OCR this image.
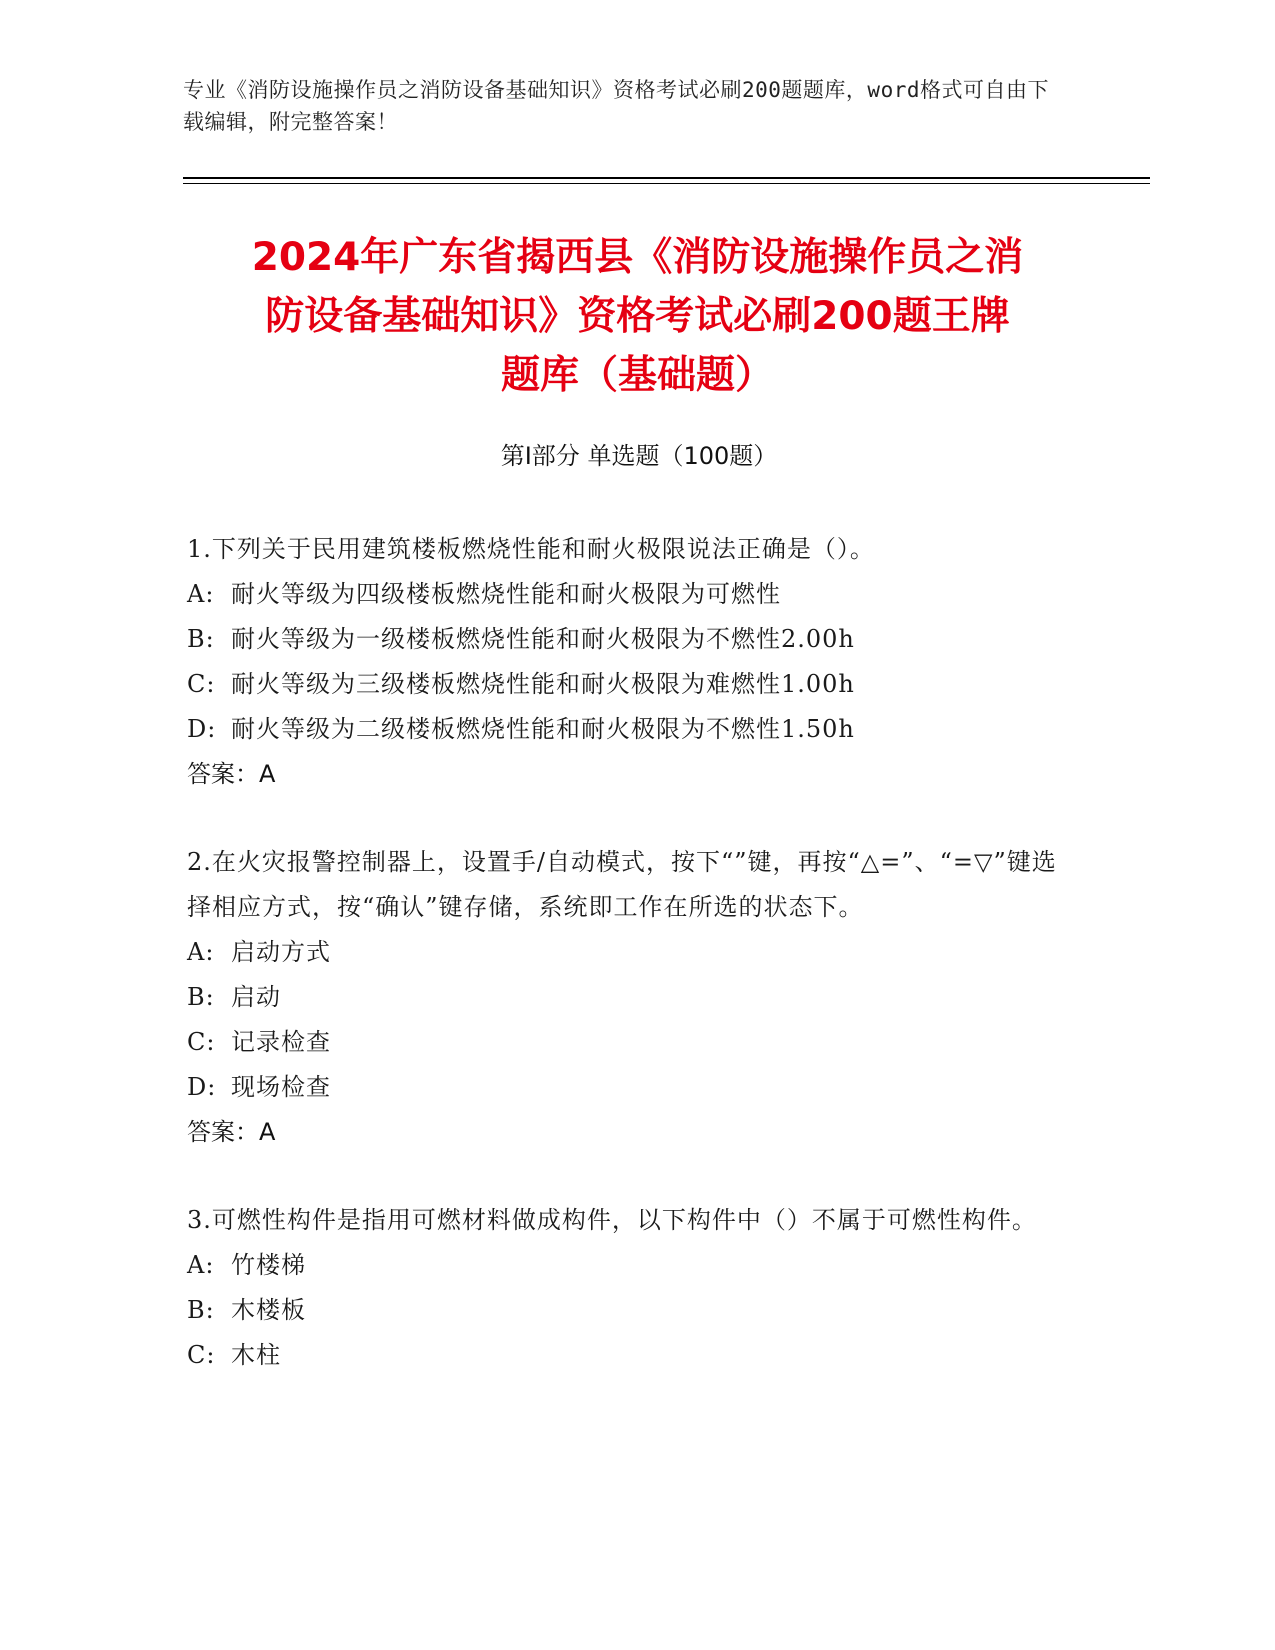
专业《消防设施操作员之消防设备基础知识》资格考试必刷200题题库，word格式可自由下载编辑，附完整答案！
2024年广东省揭西县《消防设施操作员之消
防设备基础知识》资格考试必刷200题王牌
题库（基础题）
第Ⅰ部分 单选题（100题）
1.下列关于民用建筑楼板燃烧性能和耐火极限说法正确是（）。
A: 耐火等级为四级楼板燃烧性能和耐火极限为可燃性
B: 耐火等级为一级楼板燃烧性能和耐火极限为不燃性2.00h
C: 耐火等级为三级楼板燃烧性能和耐火极限为难燃性1.00h
D: 耐火等级为二级楼板燃烧性能和耐火极限为不燃性1.50h
答案：A
2.在火灾报警控制器上，设置手/自动模式，按下“”键，再按“△=”、“=▽”键选择相应方式，按“确认”键存储，系统即工作在所选的状态下。
A: 启动方式
B: 启动
C: 记录检查
D: 现场检查
答案：A
3.可燃性构件是指用可燃材料做成构件，以下构件中（）不属于可燃性构件。
A: 竹楼梯
B: 木楼板
C: 木柱
